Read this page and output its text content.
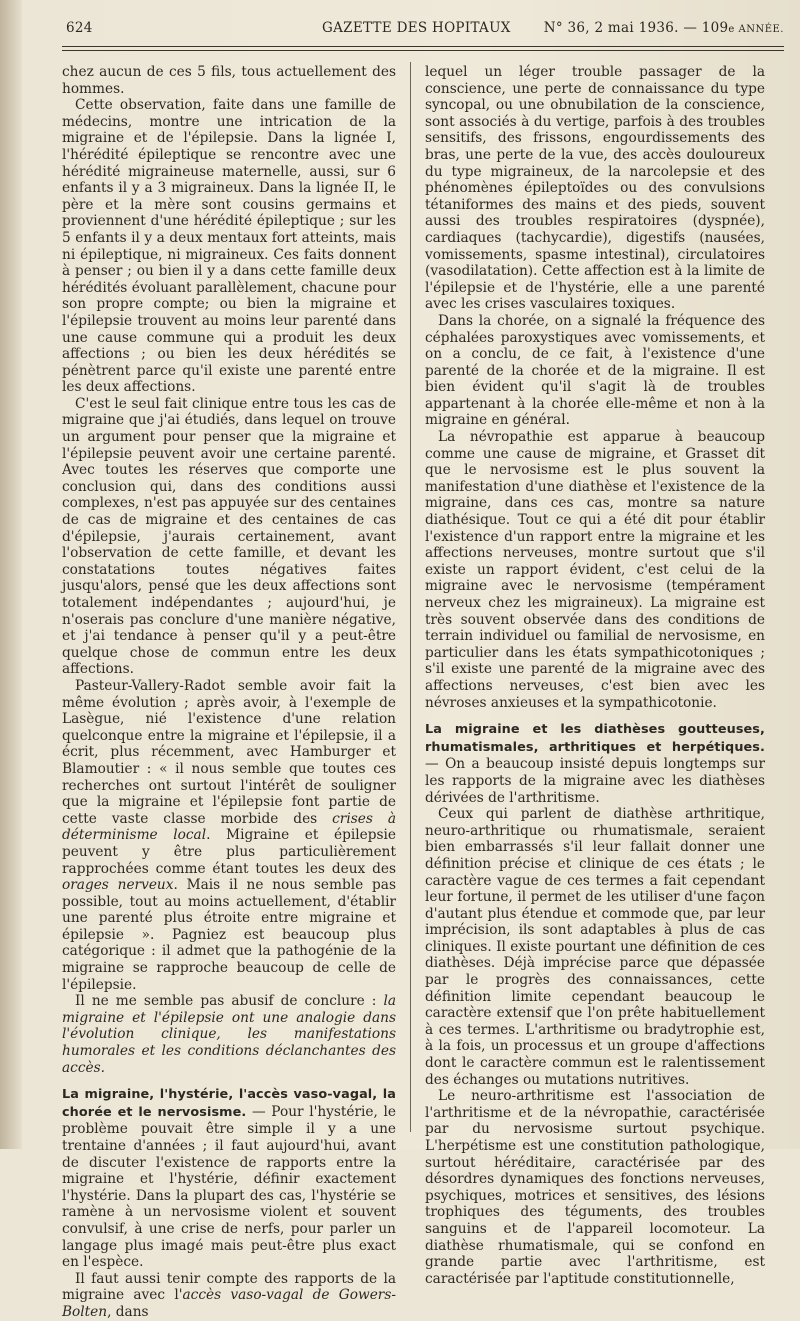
624	GAZETTE DES HOPITAUX N° 36, 2 mai 1936. — 109e ANNÉE.

chez aucun de ces 5 fils, tous actuellement des hommes.

Cette observation, faite dans une famille de médecins, montre une intrication de la migraine et de l'épilepsie. Dans la lignée I, l'hérédité épileptique se rencontre avec une hérédité migraineuse maternelle, aussi, sur 6 enfants il y a 3 migraineux. Dans la lignée II, le père et la mère sont cousins germains et proviennent d'une hérédité épileptique ; sur les 5 enfants il y a deux mentaux fort atteints, mais ni épileptique, ni migraineux. Ces faits donnent à penser ; ou bien il y a dans cette famille deux hérédités évoluant parallèlement, chacune pour son propre compte; ou bien la migraine et l'épilepsie trouvent au moins leur parenté dans une cause commune qui a produit les deux affections ; ou bien les deux hérédités se pénètrent parce qu'il existe une parenté entre les deux affections.

C'est le seul fait clinique entre tous les cas de migraine que j'ai étudiés, dans lequel on trouve un argument pour penser que la migraine et l'épilepsie peuvent avoir une certaine parenté. Avec toutes les réserves que comporte une conclusion qui, dans des conditions aussi complexes, n'est pas appuyée sur des centaines de cas de migraine et des centaines de cas d'épilepsie, j'aurais certainement, avant l'observation de cette famille, et devant les constatations toutes négatives faites jusqu'alors, pensé que les deux affections sont totalement indépendantes ; aujourd'hui, je n'oserais pas conclure d'une manière négative, et j'ai tendance à penser qu'il y a peut-être quelque chose de commun entre les deux affections.

Pasteur-Vallery-Radot semble avoir fait la même évolution ; après avoir, à l'exemple de Lasègue, nié l'existence d'une relation quelconque entre la migraine et l'épilepsie, il a écrit, plus récemment, avec Hamburger et Blamoutier : « il nous semble que toutes ces recherches ont surtout l'intérêt de souligner que la migraine et l'épilepsie font partie de cette vaste classe morbide des crises à déterminisme local. Migraine et épilepsie peuvent y être plus particulièrement rapprochées comme étant toutes les deux des orages nerveux. Mais il ne nous semble pas possible, tout au moins actuellement, d'établir une parenté plus étroite entre migraine et épilepsie ». Pagniez est beaucoup plus catégorique : il admet que la pathogénie de la migraine se rapproche beaucoup de celle de l'épilepsie.

Il ne me semble pas abusif de conclure : la migraine et l'épilepsie ont une analogie dans l'évolution clinique, les manifestations humorales et les conditions déclanchantes des accès.

La migraine, l'hystérie, l'accès vaso-vagal, la chorée et le nervosisme. — Pour l'hystérie, le problème pouvait être simple il y a une trentaine d'années ; il faut aujourd'hui, avant de discuter l'existence de rapports entre la migraine et l'hystérie, définir exactement l'hystérie. Dans la plupart des cas, l'hystérie se ramène à un nervosisme violent et souvent convulsif, à une crise de nerfs, pour parler un langage plus imagé mais peut-être plus exact en l'espèce.

Il faut aussi tenir compte des rapports de la migraine avec l'accès vaso-vagal de Gowers-Bolten, dans

lequel un léger trouble passager de la conscience, une perte de connaissance du type syncopal, ou une obnubilation de la conscience, sont associés à du vertige, parfois à des troubles sensitifs, des frissons, engourdissements des bras, une perte de la vue, des accès douloureux du type migraineux, de la narcolepsie et des phénomènes épileptoïdes ou des convulsions tétaniformes des mains et des pieds, souvent aussi des troubles respiratoires (dyspnée), cardiaques (tachycardie), digestifs (nausées, vomissements, spasme intestinal), circulatoires (vasodilatation). Cette affection est à la limite de l'épilepsie et de l'hystérie, elle a une parenté avec les crises vasculaires toxiques.

Dans la chorée, on a signalé la fréquence des céphalées paroxystiques avec vomissements, et on a conclu, de ce fait, à l'existence d'une parenté de la chorée et de la migraine. Il est bien évident qu'il s'agit là de troubles appartenant à la chorée elle-même et non à la migraine en général.

La névropathie est apparue à beaucoup comme une cause de migraine, et Grasset dit que le nervosisme est le plus souvent la manifestation d'une diathèse et l'existence de la migraine, dans ces cas, montre sa nature diathésique. Tout ce qui a été dit pour établir l'existence d'un rapport entre la migraine et les affections nerveuses, montre surtout que s'il existe un rapport évident, c'est celui de la migraine avec le nervosisme (tempérament nerveux chez les migraineux). La migraine est très souvent observée dans des conditions de terrain individuel ou familial de nervosisme, en particulier dans les états sympathicotoniques ; s'il existe une parenté de la migraine avec des affections nerveuses, c'est bien avec les névroses anxieuses et la sympathicotonie.

La migraine et les diathèses goutteuses, rhumatismales, arthritiques et herpétiques. — On a beaucoup insisté depuis longtemps sur les rapports de la migraine avec les diathèses dérivées de l'arthritisme.

Ceux qui parlent de diathèse arthritique, neuro-arthritique ou rhumatismale, seraient bien embarrassés s'il leur fallait donner une définition précise et clinique de ces états ; le caractère vague de ces termes a fait cependant leur fortune, il permet de les utiliser d'une façon d'autant plus étendue et commode que, par leur imprécision, ils sont adaptables à plus de cas cliniques. Il existe pourtant une définition de ces diathèses. Déjà imprécise parce que dépassée par le progrès des connaissances, cette définition limite cependant beaucoup le caractère extensif que l'on prête habituellement à ces termes. L'arthritisme ou bradytrophie est, à la fois, un processus et un groupe d'affections dont le caractère commun est le ralentissement des échanges ou mutations nutritives.

Le neuro-arthritisme est l'association de l'arthritisme et de la névropathie, caractérisée par du nervosisme surtout psychique. L'herpétisme est une constitution pathologique, surtout héréditaire, caractérisée par des désordres dynamiques des fonctions nerveuses, psychiques, motrices et sensitives, des lésions trophiques des téguments, des troubles sanguins et de l'appareil locomoteur. La diathèse rhumatismale, qui se confond en grande partie avec l'arthritisme, est caractérisée par l'aptitude constitutionnelle,
